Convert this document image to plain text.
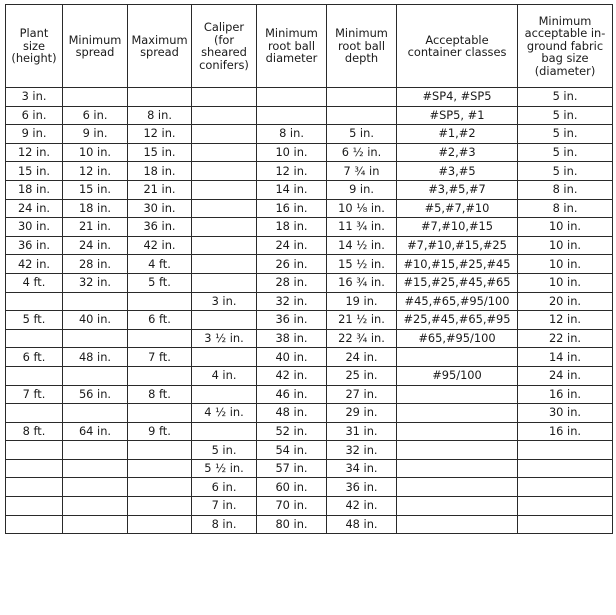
Plant
size
(height)	Minimum
spread	Maximum
spread	Caliper
(for
sheared
conifers)	Minimum
root ball
diameter	Minimum
root ball
depth	Acceptable
container classes	Minimum
acceptable in-
ground fabric
bag size
(diameter)

3 in.						#SP4, #SP5	5 in.
6 in.	6 in.	8 in.				#SP5, #1	5 in.
9 in.	9 in.	12 in.		8 in.	5 in.	#1,#2	5 in.
12 in.	10 in.	15 in.		10 in.	6 ½ in.	#2,#3	5 in.
15 in.	12 in.	18 in.		12 in.	7 ¾ in	#3,#5	5 in.
18 in.	15 in.	21 in.		14 in.	9 in.	#3,#5,#7	8 in.
24 in.	18 in.	30 in.		16 in.	10 ⅛ in.	#5,#7,#10	8 in.
30 in.	21 in.	36 in.		18 in.	11 ¾ in.	#7,#10,#15	10 in.
36 in.	24 in.	42 in.		24 in.	14 ½ in.	#7,#10,#15,#25	10 in.
42 in.	28 in.	4 ft.		26 in.	15 ½ in.	#10,#15,#25,#45	10 in.
4 ft.	32 in.	5 ft.		28 in.	16 ¾ in.	#15,#25,#45,#65	10 in.
			3 in.	32 in.	19 in.	#45,#65,#95/100	20 in.
5 ft.	40 in.	6 ft.		36 in.	21 ½ in.	#25,#45,#65,#95	12 in.
			3 ½ in.	38 in.	22 ¾ in.	#65,#95/100	22 in.
6 ft.	48 in.	7 ft.		40 in.	24 in.		14 in.
			4 in.	42 in.	25 in.	#95/100	24 in.
7 ft.	56 in.	8 ft.		46 in.	27 in.		16 in.
			4 ½ in.	48 in.	29 in.		30 in.
8 ft.	64 in.	9 ft.		52 in.	31 in.		16 in.
			5 in.	54 in.	32 in.		
			5 ½ in.	57 in.	34 in.		
			6 in.	60 in.	36 in.		
			7 in.	70 in.	42 in.		
			8 in.	80 in.	48 in.		
